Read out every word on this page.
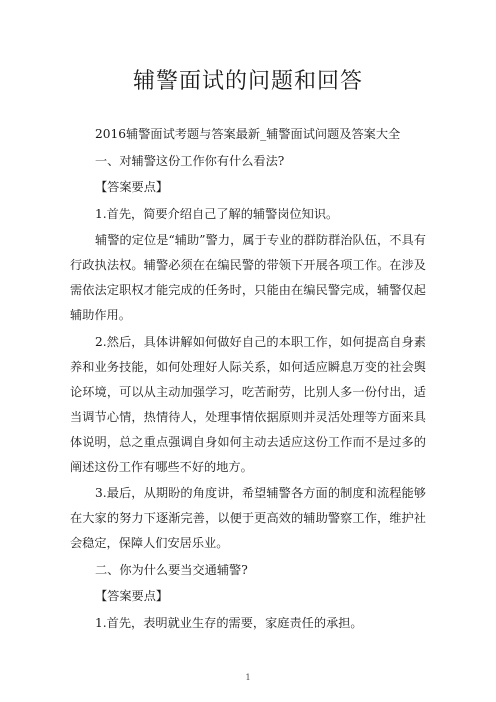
辅警面试的问题和回答

2016辅警面试考题与答案最新_辅警面试问题及答案大全

一、对辅警这份工作你有什么看法?

【答案要点】

1.首先，简要介绍自己了解的辅警岗位知识。

辅警的定位是“辅助”警力，属于专业的群防群治队伍，不具有行政执法权。辅警必须在在编民警的带领下开展各项工作。在涉及需依法定职权才能完成的任务时，只能由在编民警完成，辅警仅起辅助作用。

2.然后，具体讲解如何做好自己的本职工作，如何提高自身素养和业务技能，如何处理好人际关系，如何适应瞬息万变的社会舆论环境，可以从主动加强学习，吃苦耐劳，比别人多一份付出，适当调节心情，热情待人，处理事情依据原则并灵活处理等方面来具体说明，总之重点强调自身如何主动去适应这份工作而不是过多的阐述这份工作有哪些不好的地方。

3.最后，从期盼的角度讲，希望辅警各方面的制度和流程能够在大家的努力下逐渐完善，以便于更高效的辅助警察工作，维护社会稳定，保障人们安居乐业。

二、你为什么要当交通辅警?

【答案要点】

1.首先，表明就业生存的需要，家庭责任的承担。

1
